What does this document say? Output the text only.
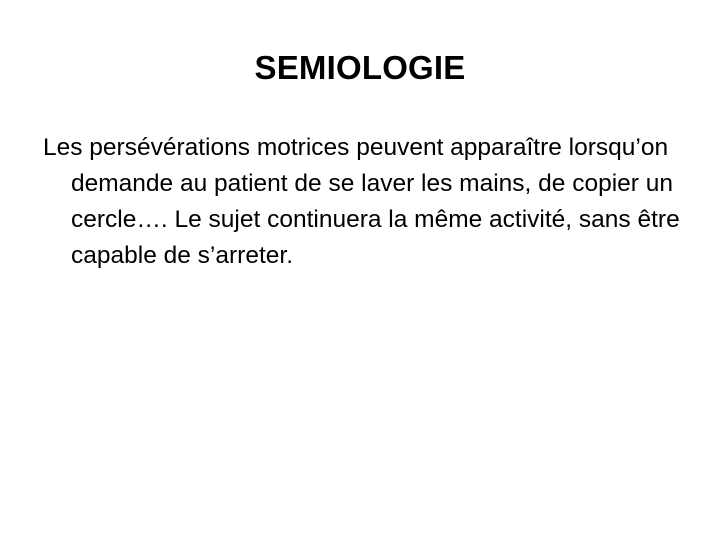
SEMIOLOGIE

Les persévérations motrices peuvent apparaître lorsqu’on demande au patient de se laver les mains, de copier un cercle…. Le sujet continuera la même activité, sans être capable de s’arreter.
